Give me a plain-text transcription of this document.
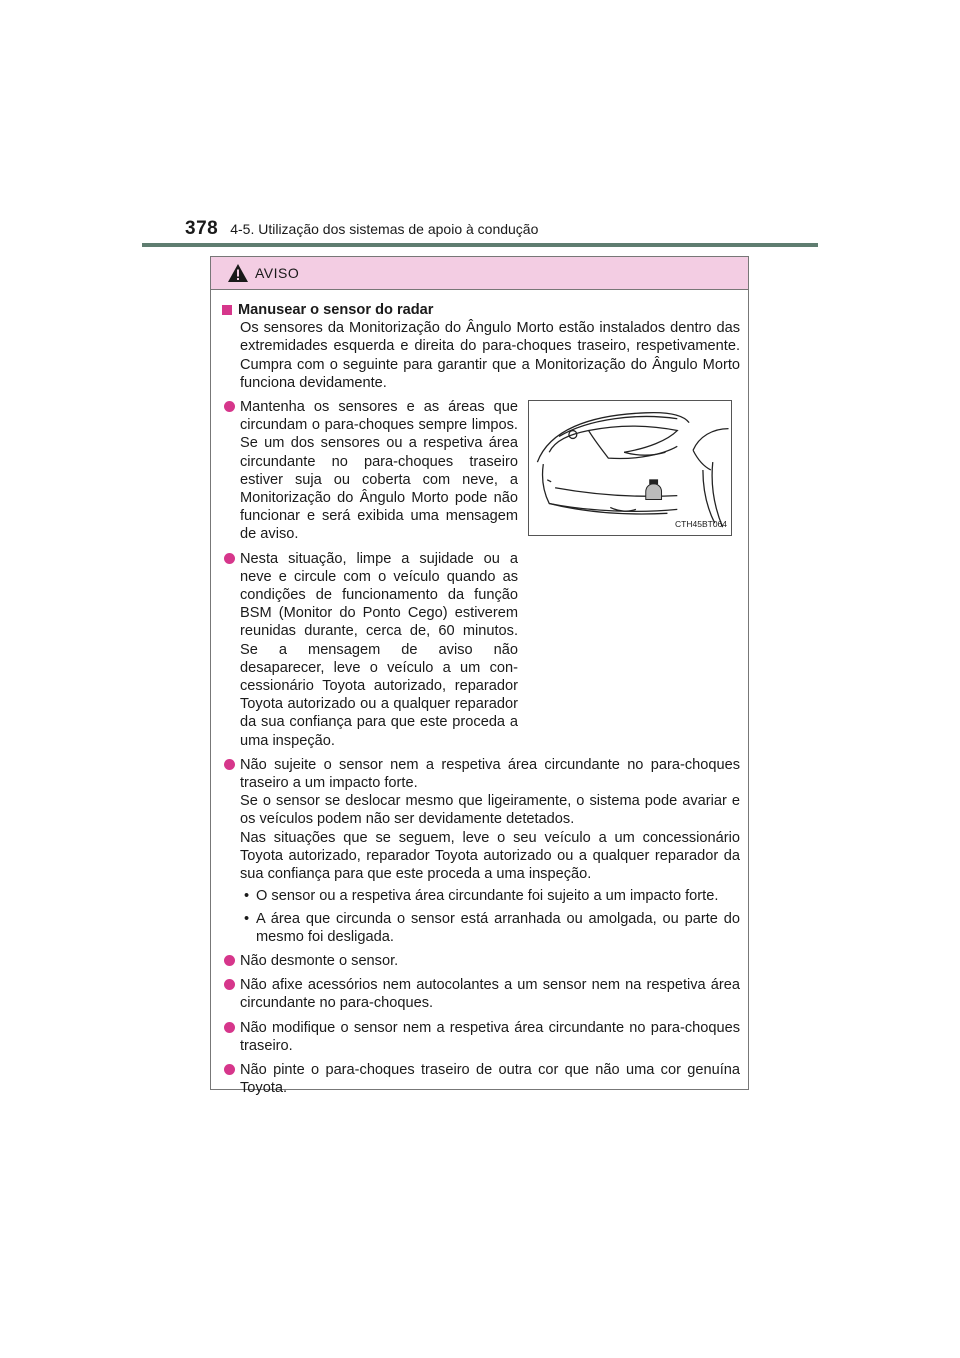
378 4-5. Utilização dos sistemas de apoio à condução
AVISO
Manusear o sensor do radar
Os sensores da Monitorização do Ângulo Morto estão instalados dentro das extremidades esquerda e direita do para-choques traseiro, respetivamente. Cumpra com o seguinte para garantir que a Monitorização do Ângulo Morto funciona devidamente.
Mantenha os sensores e as áreas que circundam o para-choques sempre limpos. Se um dos sensores ou a respetiva área circundante no para-choques traseiro estiver suja ou coberta com neve, a Monitorização do Ângulo Morto pode não funcionar e será exibida uma mensagem de aviso.
Nesta situação, limpe a sujidade ou a neve e circule com o veículo quando as condições de funcionamento da função BSM (Monitor do Ponto Cego) estiverem reunidas durante, cerca de, 60 minutos. Se a mensagem de aviso não desaparecer, leve o veículo a um concessionário Toyota autorizado, reparador Toyota autorizado ou a qualquer reparador da sua confiança para que este proceda a uma inspeção.
CTH45BT064
Não sujeite o sensor nem a respetiva área circundante no para-choques traseiro a um impacto forte.
Se o sensor se deslocar mesmo que ligeiramente, o sistema pode avariar e os veículos podem não ser devidamente detetados.
Nas situações que se seguem, leve o seu veículo a um concessionário Toyota autorizado, reparador Toyota autorizado ou a qualquer reparador da sua confiança para que este proceda a uma inspeção.
• O sensor ou a respetiva área circundante foi sujeito a um impacto forte.
• A área que circunda o sensor está arranhada ou amolgada, ou parte do mesmo foi desligada.
Não desmonte o sensor.
Não afixe acessórios nem autocolantes a um sensor nem na respetiva área circundante no para-choques.
Não modifique o sensor nem a respetiva área circundante no para-choques traseiro.
Não pinte o para-choques traseiro de outra cor que não uma cor genuína Toyota.
